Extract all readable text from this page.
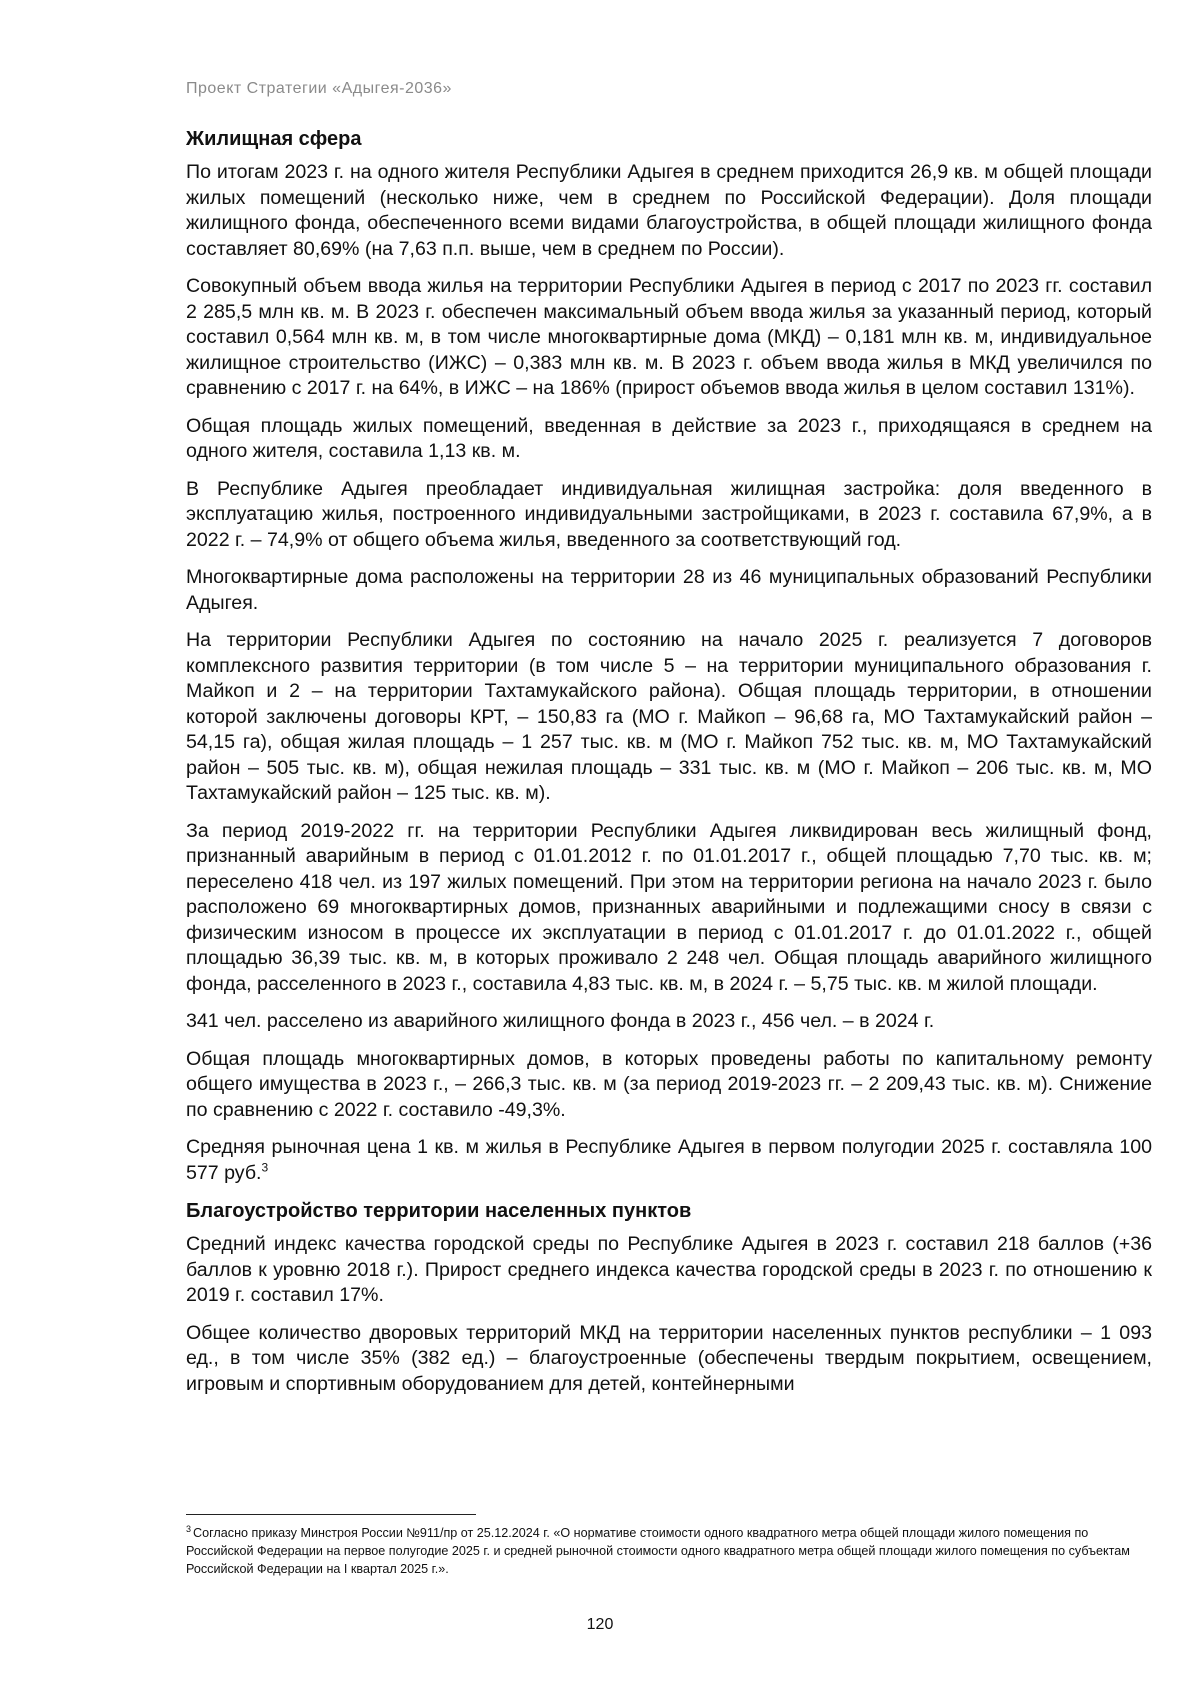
Проект Стратегии «Адыгея-2036»
Жилищная сфера

По итогам 2023 г. на одного жителя Республики Адыгея в среднем приходится 26,9 кв. м общей площади жилых помещений (несколько ниже, чем в среднем по Российской Федерации). Доля площади жилищного фонда, обеспеченного всеми видами благоустройства, в общей площади жилищного фонда составляет 80,69% (на 7,63 п.п. выше, чем в среднем по России).

Совокупный объем ввода жилья на территории Республики Адыгея в период с 2017 по 2023 гг. составил 2 285,5 млн кв. м. В 2023 г. обеспечен максимальный объем ввода жилья за указанный период, который составил 0,564 млн кв. м, в том числе многоквартирные дома (МКД) – 0,181 млн кв. м, индивидуальное жилищное строительство (ИЖС) – 0,383 млн кв. м. В 2023 г. объем ввода жилья в МКД увеличился по сравнению с 2017 г. на 64%, в ИЖС – на 186% (прирост объемов ввода жилья в целом составил 131%).

Общая площадь жилых помещений, введенная в действие за 2023 г., приходящаяся в среднем на одного жителя, составила 1,13 кв. м.

В Республике Адыгея преобладает индивидуальная жилищная застройка: доля введенного в эксплуатацию жилья, построенного индивидуальными застройщиками, в 2023 г. составила 67,9%, а в 2022 г. – 74,9% от общего объема жилья, введенного за соответствующий год.

Многоквартирные дома расположены на территории 28 из 46 муниципальных образований Республики Адыгея.

На территории Республики Адыгея по состоянию на начало 2025 г. реализуется 7 договоров комплексного развития территории (в том числе 5 – на территории муниципального образования г. Майкоп и 2 – на территории Тахтамукайского района). Общая площадь территории, в отношении которой заключены договоры КРТ, – 150,83 га (МО г. Майкоп – 96,68 га, МО Тахтамукайский район – 54,15 га), общая жилая площадь – 1 257 тыс. кв. м (МО г. Майкоп 752 тыс. кв. м, МО Тахтамукайский район – 505 тыс. кв. м), общая нежилая площадь – 331 тыс. кв. м (МО г. Майкоп – 206 тыс. кв. м, МО Тахтамукайский район – 125 тыс. кв. м).

За период 2019-2022 гг. на территории Республики Адыгея ликвидирован весь жилищный фонд, признанный аварийным в период с 01.01.2012 г. по 01.01.2017 г., общей площадью 7,70 тыс. кв. м; переселено 418 чел. из 197 жилых помещений. При этом на территории региона на начало 2023 г. было расположено 69 многоквартирных домов, признанных аварийными и подлежащими сносу в связи с физическим износом в процессе их эксплуатации в период с 01.01.2017 г. до 01.01.2022 г., общей площадью 36,39 тыс. кв. м, в которых проживало 2 248 чел. Общая площадь аварийного жилищного фонда, расселенного в 2023 г., составила 4,83 тыс. кв. м, в 2024 г. – 5,75 тыс. кв. м жилой площади.

341 чел. расселено из аварийного жилищного фонда в 2023 г., 456 чел. – в 2024 г.

Общая площадь многоквартирных домов, в которых проведены работы по капитальному ремонту общего имущества в 2023 г., – 266,3 тыс. кв. м (за период 2019-2023 гг. – 2 209,43 тыс. кв. м). Снижение по сравнению с 2022 г. составило -49,3%.

Средняя рыночная цена 1 кв. м жилья в Республике Адыгея в первом полугодии 2025 г. составляла 100 577 руб.$^3$

Благоустройство территории населенных пунктов

Средний индекс качества городской среды по Республике Адыгея в 2023 г. составил 218 баллов (+36 баллов к уровню 2018 г.). Прирост среднего индекса качества городской среды в 2023 г. по отношению к 2019 г. составил 17%.

Общее количество дворовых территорий МКД на территории населенных пунктов республики – 1 093 ед., в том числе 35% (382 ед.) – благоустроенные (обеспечены твердым покрытием, освещением, игровым и спортивным оборудованием для детей, контейнерными

$^3$ Согласно приказу Минстроя России №911/пр от 25.12.2024 г. «О нормативе стоимости одного квадратного метра общей площади жилого помещения по Российской Федерации на первое полугодие 2025 г. и средней рыночной стоимости одного квадратного метра общей площади жилого помещения по субъектам Российской Федерации на I квартал 2025 г.».
120
